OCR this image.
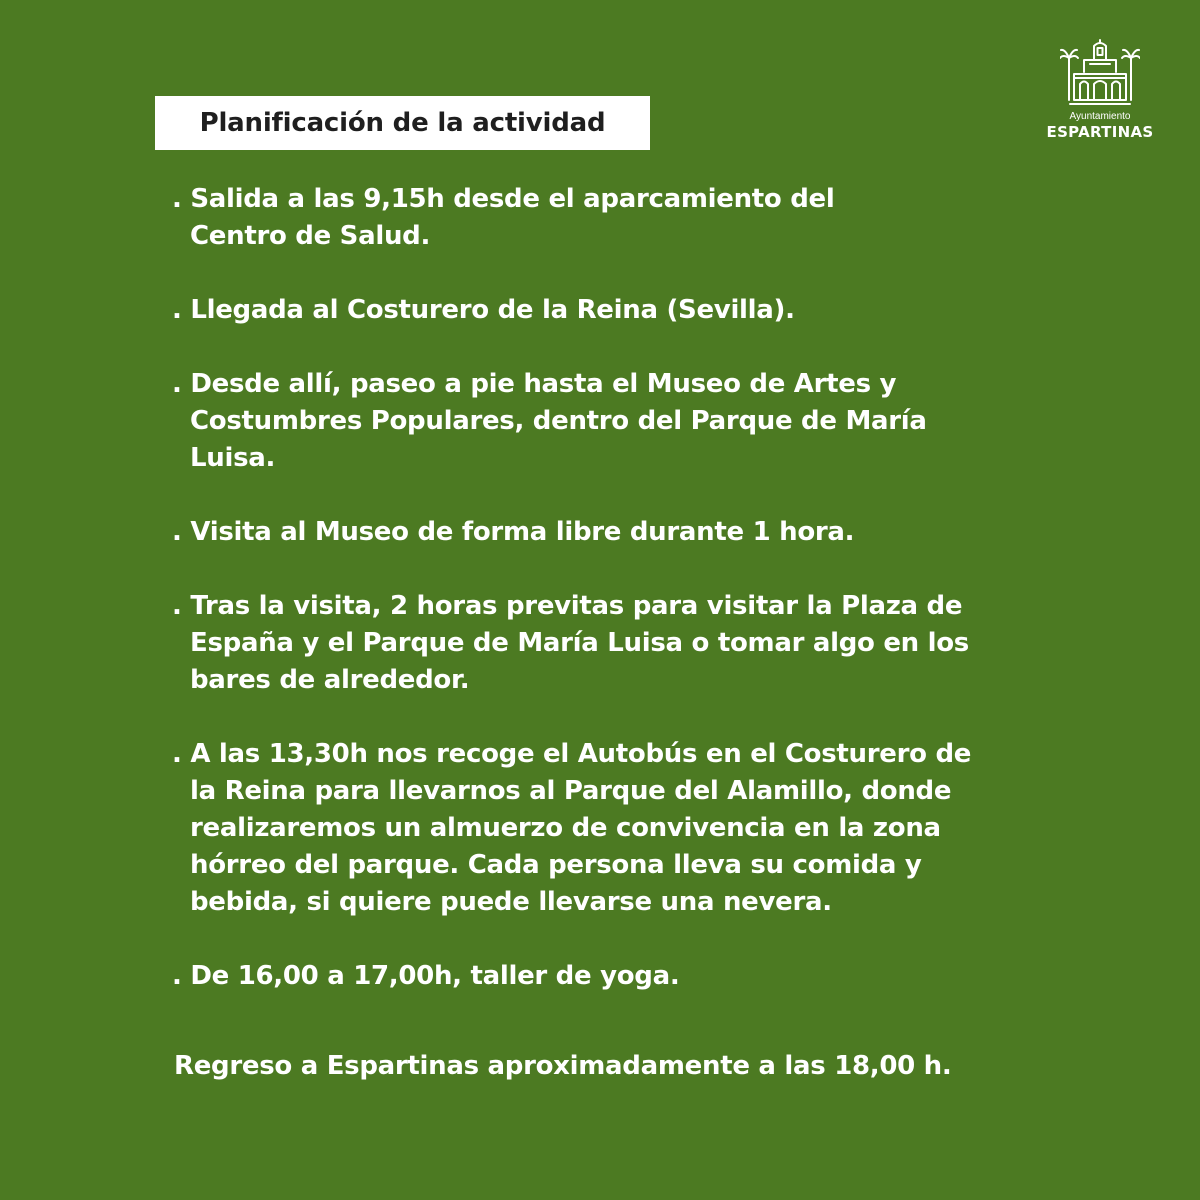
Planificación de la actividad	Ayuntamiento
ESPARTINAS
. Salida a las 9,15h desde el aparcamiento del
Centro de Salud.
. Llegada al Costurero de la Reina (Sevilla).
. Desde allí, paseo a pie hasta el Museo de Artes y
Costumbres Populares, dentro del Parque de María
Luisa.
. Visita al Museo de forma libre durante 1 hora.
. Tras la visita, 2 horas previtas para visitar la Plaza de
España y el Parque de María Luisa o tomar algo en los
bares de alrededor.
. A las 13,30h nos recoge el Autobús en el Costurero de
la Reina para llevarnos al Parque del Alamillo, donde
realizaremos un almuerzo de convivencia en la zona
hórreo del parque. Cada persona lleva su comida y
bebida, si quiere puede llevarse una nevera.
. De 16,00 a 17,00h, taller de yoga.
Regreso a Espartinas aproximadamente a las 18,00 h.
